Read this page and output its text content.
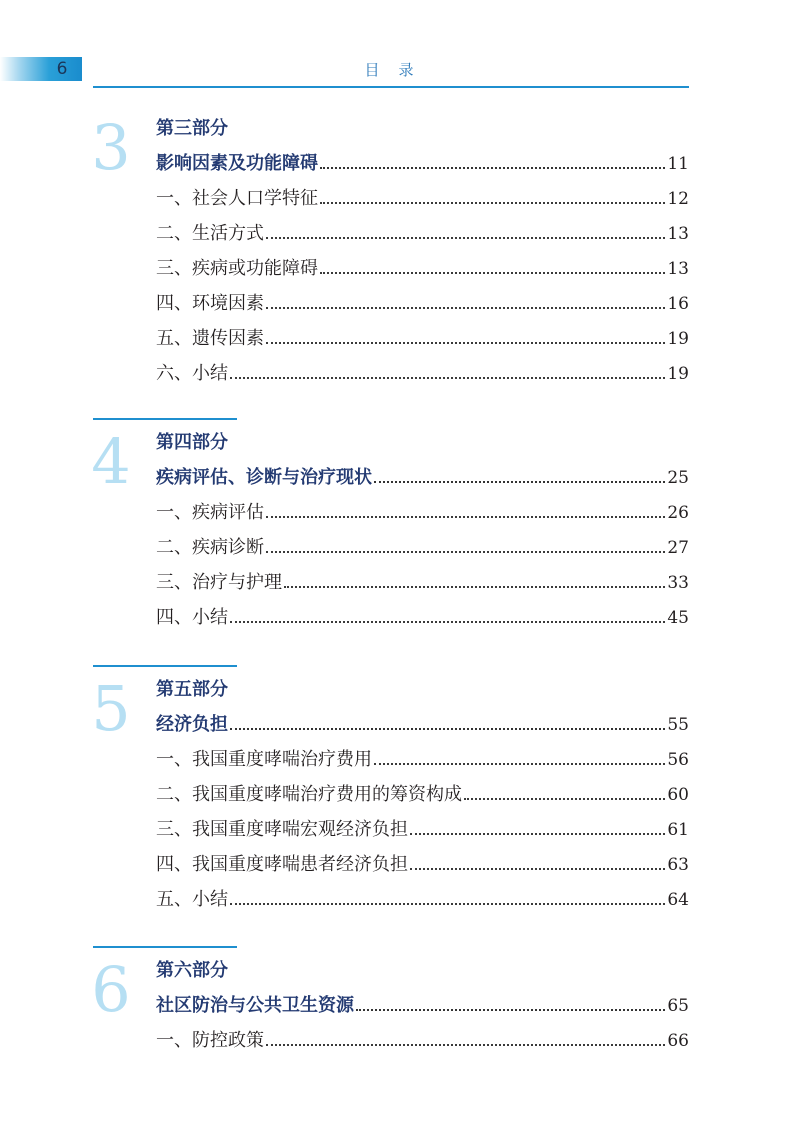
6	目　录
3 第三部分
影响因素及功能障碍	11
一、社会人口学特征	12
二、生活方式	13
三、疾病或功能障碍	13
四、环境因素	16
五、遗传因素	19
六、小结	19
4 第四部分
疾病评估、诊断与治疗现状	25
一、疾病评估	26
二、疾病诊断	27
三、治疗与护理	33
四、小结	45
5 第五部分
经济负担	55
一、我国重度哮喘治疗费用	56
二、我国重度哮喘治疗费用的筹资构成	60
三、我国重度哮喘宏观经济负担	61
四、我国重度哮喘患者经济负担	63
五、小结	64
6 第六部分
社区防治与公共卫生资源	65
一、防控政策	66
